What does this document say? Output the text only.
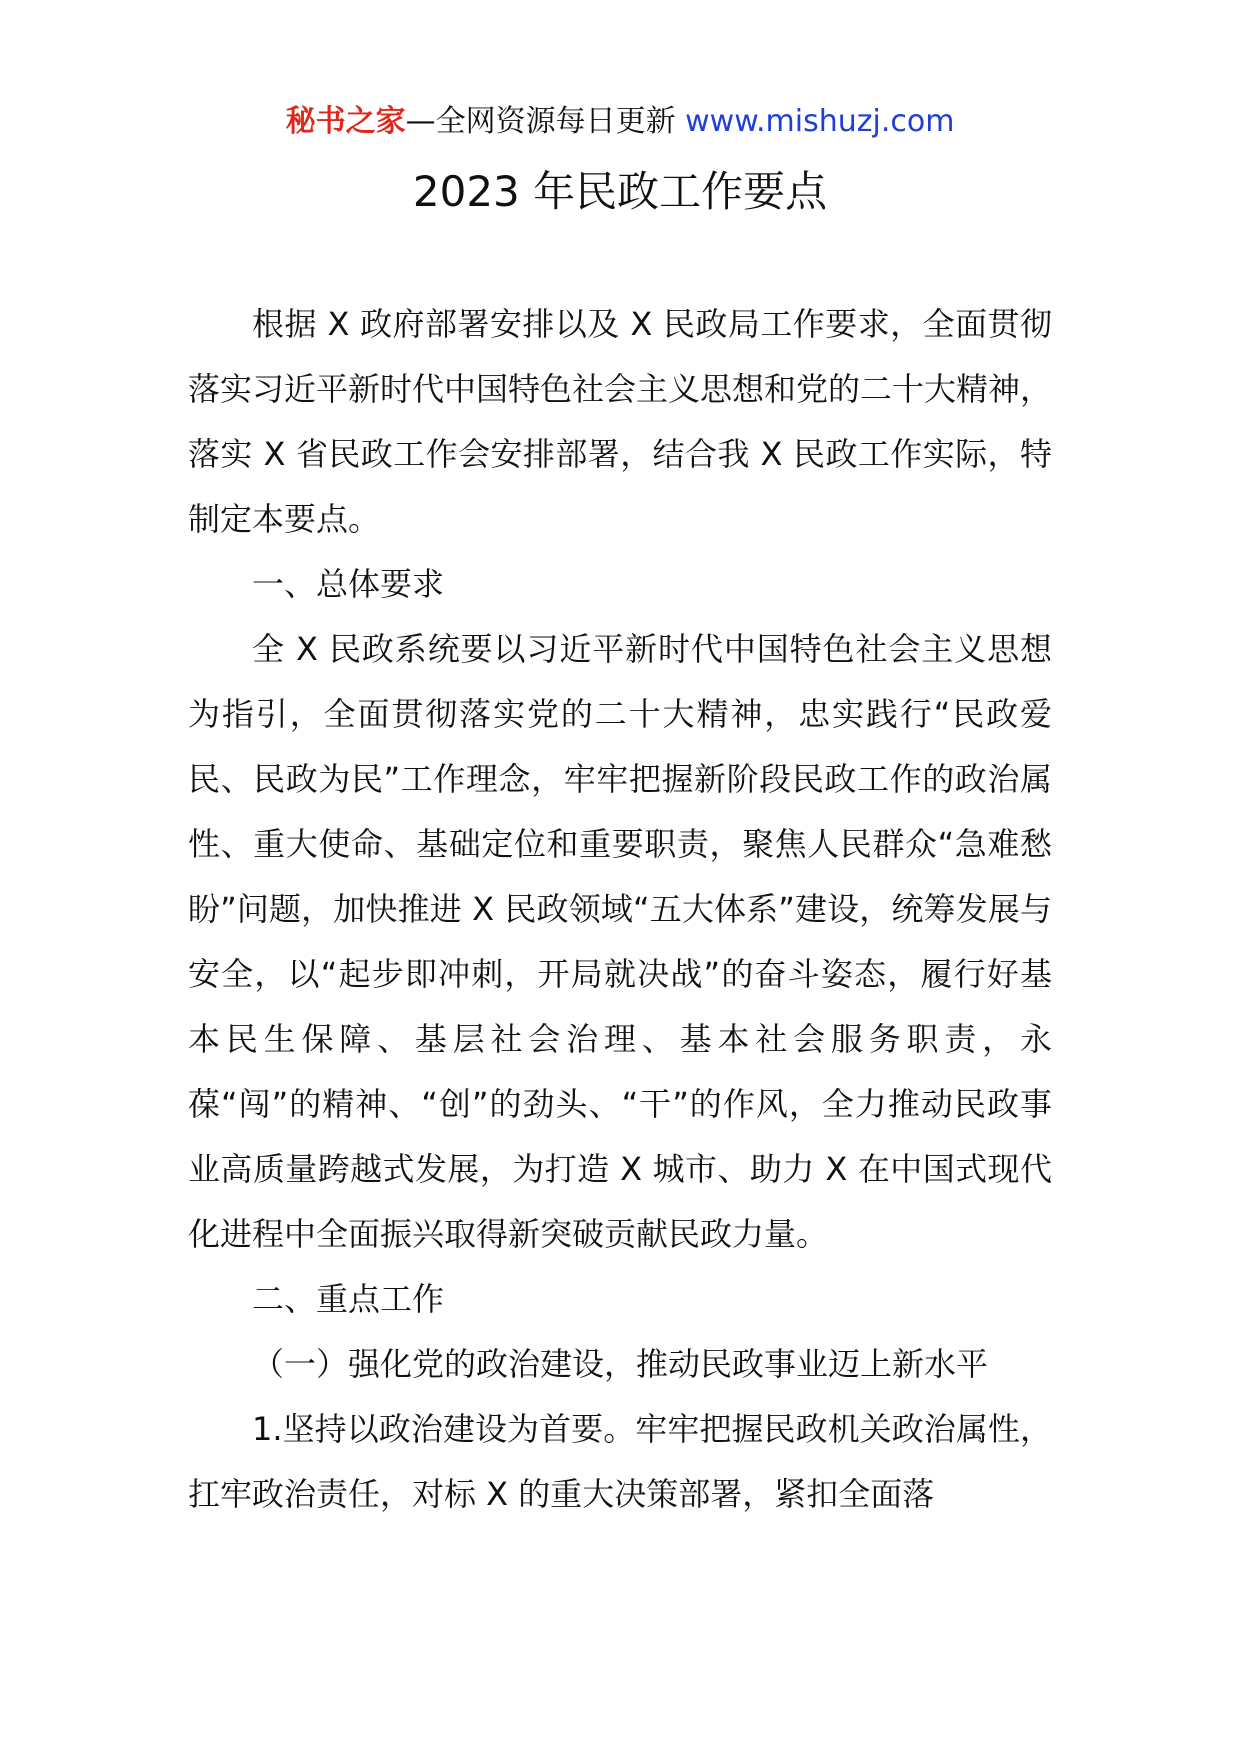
秘书之家—全网资源每日更新 www.mishuzj.com
2023 年民政工作要点

根据 X 政府部署安排以及 X 民政局工作要求，全面贯彻落实习近平新时代中国特色社会主义思想和党的二十大精神，落实 X 省民政工作会安排部署，结合我 X 民政工作实际，特制定本要点。

一、总体要求

全 X 民政系统要以习近平新时代中国特色社会主义思想为指引，全面贯彻落实党的二十大精神，忠实践行“民政爱民、民政为民”工作理念，牢牢把握新阶段民政工作的政治属性、重大使命、基础定位和重要职责，聚焦人民群众“急难愁盼”问题，加快推进 X 民政领域“五大体系”建设，统筹发展与安全，以“起步即冲刺，开局就决战”的奋斗姿态，履行好基本民生保障、基层社会治理、基本社会服务职责，永葆“闯”的精神、“创”的劲头、“干”的作风，全力推动民政事业高质量跨越式发展，为打造 X 城市、助力 X 在中国式现代化进程中全面振兴取得新突破贡献民政力量。

二、重点工作

（一）强化党的政治建设，推动民政事业迈上新水平

1.坚持以政治建设为首要。牢牢把握民政机关政治属性，扛牢政治责任，对标 X 的重大决策部署，紧扣全面落
